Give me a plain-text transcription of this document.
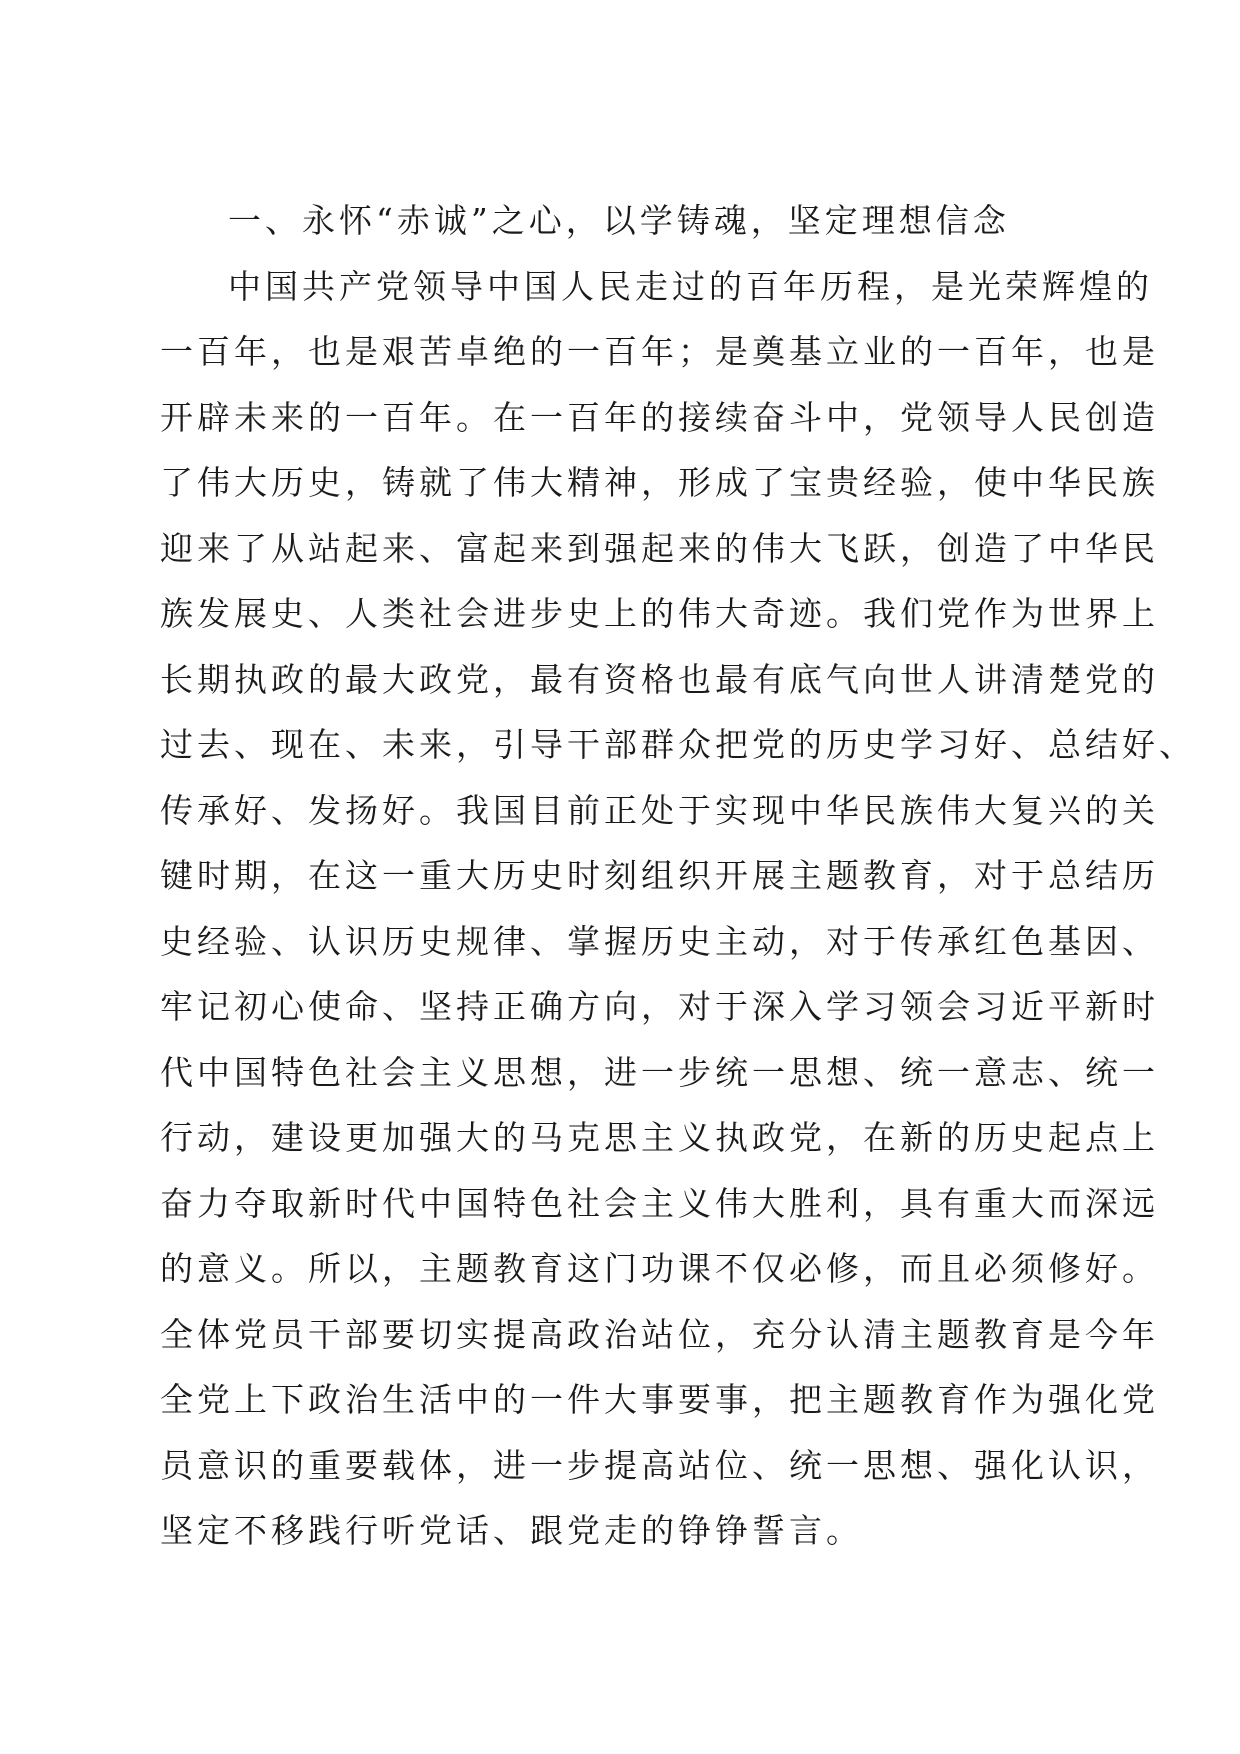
一、永怀“赤诚”之心，以学铸魂，坚定理想信念
中国共产党领导中国人民走过的百年历程，是光荣辉煌的
一百年，也是艰苦卓绝的一百年；是奠基立业的一百年，也是
开辟未来的一百年。在一百年的接续奋斗中，党领导人民创造
了伟大历史，铸就了伟大精神，形成了宝贵经验，使中华民族
迎来了从站起来、富起来到强起来的伟大飞跃，创造了中华民
族发展史、人类社会进步史上的伟大奇迹。我们党作为世界上
长期执政的最大政党，最有资格也最有底气向世人讲清楚党的
过去、现在、未来，引导干部群众把党的历史学习好、总结好、
传承好、发扬好。我国目前正处于实现中华民族伟大复兴的关
键时期，在这一重大历史时刻组织开展主题教育，对于总结历
史经验、认识历史规律、掌握历史主动，对于传承红色基因、
牢记初心使命、坚持正确方向，对于深入学习领会习近平新时
代中国特色社会主义思想，进一步统一思想、统一意志、统一
行动，建设更加强大的马克思主义执政党，在新的历史起点上
奋力夺取新时代中国特色社会主义伟大胜利，具有重大而深远
的意义。所以，主题教育这门功课不仅必修，而且必须修好。
全体党员干部要切实提高政治站位，充分认清主题教育是今年
全党上下政治生活中的一件大事要事，把主题教育作为强化党
员意识的重要载体，进一步提高站位、统一思想、强化认识，
坚定不移践行听党话、跟党走的铮铮誓言。
